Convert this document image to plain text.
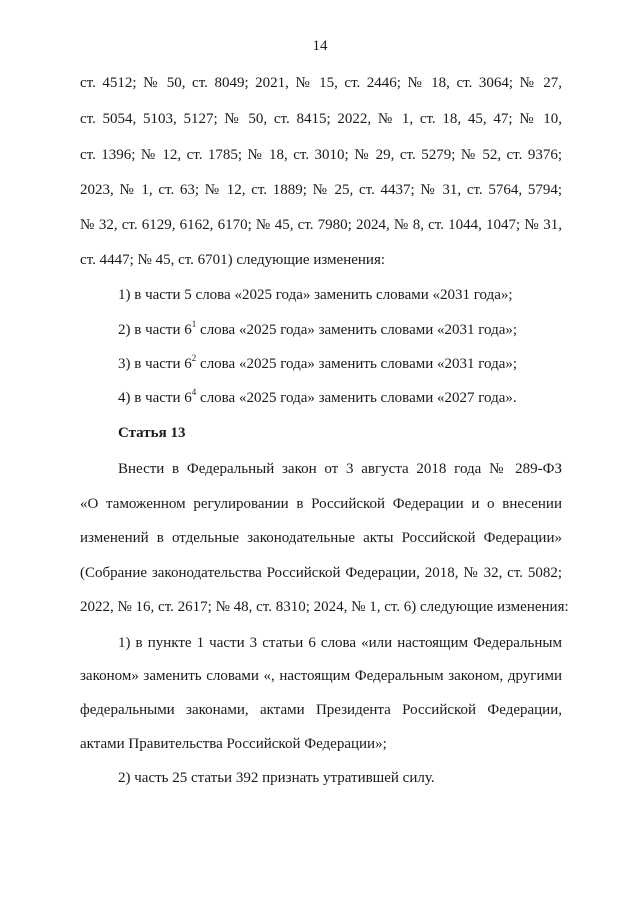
14
ст. 4512; № 50, ст. 8049; 2021, № 15, ст. 2446; № 18, ст. 3064; № 27,
ст. 5054, 5103, 5127; № 50, ст. 8415; 2022, № 1, ст. 18, 45, 47; № 10,
ст. 1396; № 12, ст. 1785; № 18, ст. 3010; № 29, ст. 5279; № 52, ст. 9376;
2023, № 1, ст. 63; № 12, ст. 1889; № 25, ст. 4437; № 31, ст. 5764, 5794;
№ 32, ст. 6129, 6162, 6170; № 45, ст. 7980; 2024, № 8, ст. 1044, 1047; № 31,
ст. 4447; № 45, ст. 6701) следующие изменения:
1) в части 5 слова «2025 года» заменить словами «2031 года»;
2) в части $6^1$ слова «2025 года» заменить словами «2031 года»;
3) в части $6^2$ слова «2025 года» заменить словами «2031 года»;
4) в части $6^4$ слова «2025 года» заменить словами «2027 года».
Статья 13
Внести в Федеральный закон от 3 августа 2018 года № 289-ФЗ
«О таможенном регулировании в Российской Федерации и о внесении
изменений в отдельные законодательные акты Российской Федерации»
(Собрание законодательства Российской Федерации, 2018, № 32, ст. 5082;
2022, № 16, ст. 2617; № 48, ст. 8310; 2024, № 1, ст. 6) следующие изменения:
1) в пункте 1 части 3 статьи 6 слова «или настоящим Федеральным
законом» заменить словами «, настоящим Федеральным законом, другими
федеральными законами, актами Президента Российской Федерации,
актами Правительства Российской Федерации»;
2) часть 25 статьи 392 признать утратившей силу.
